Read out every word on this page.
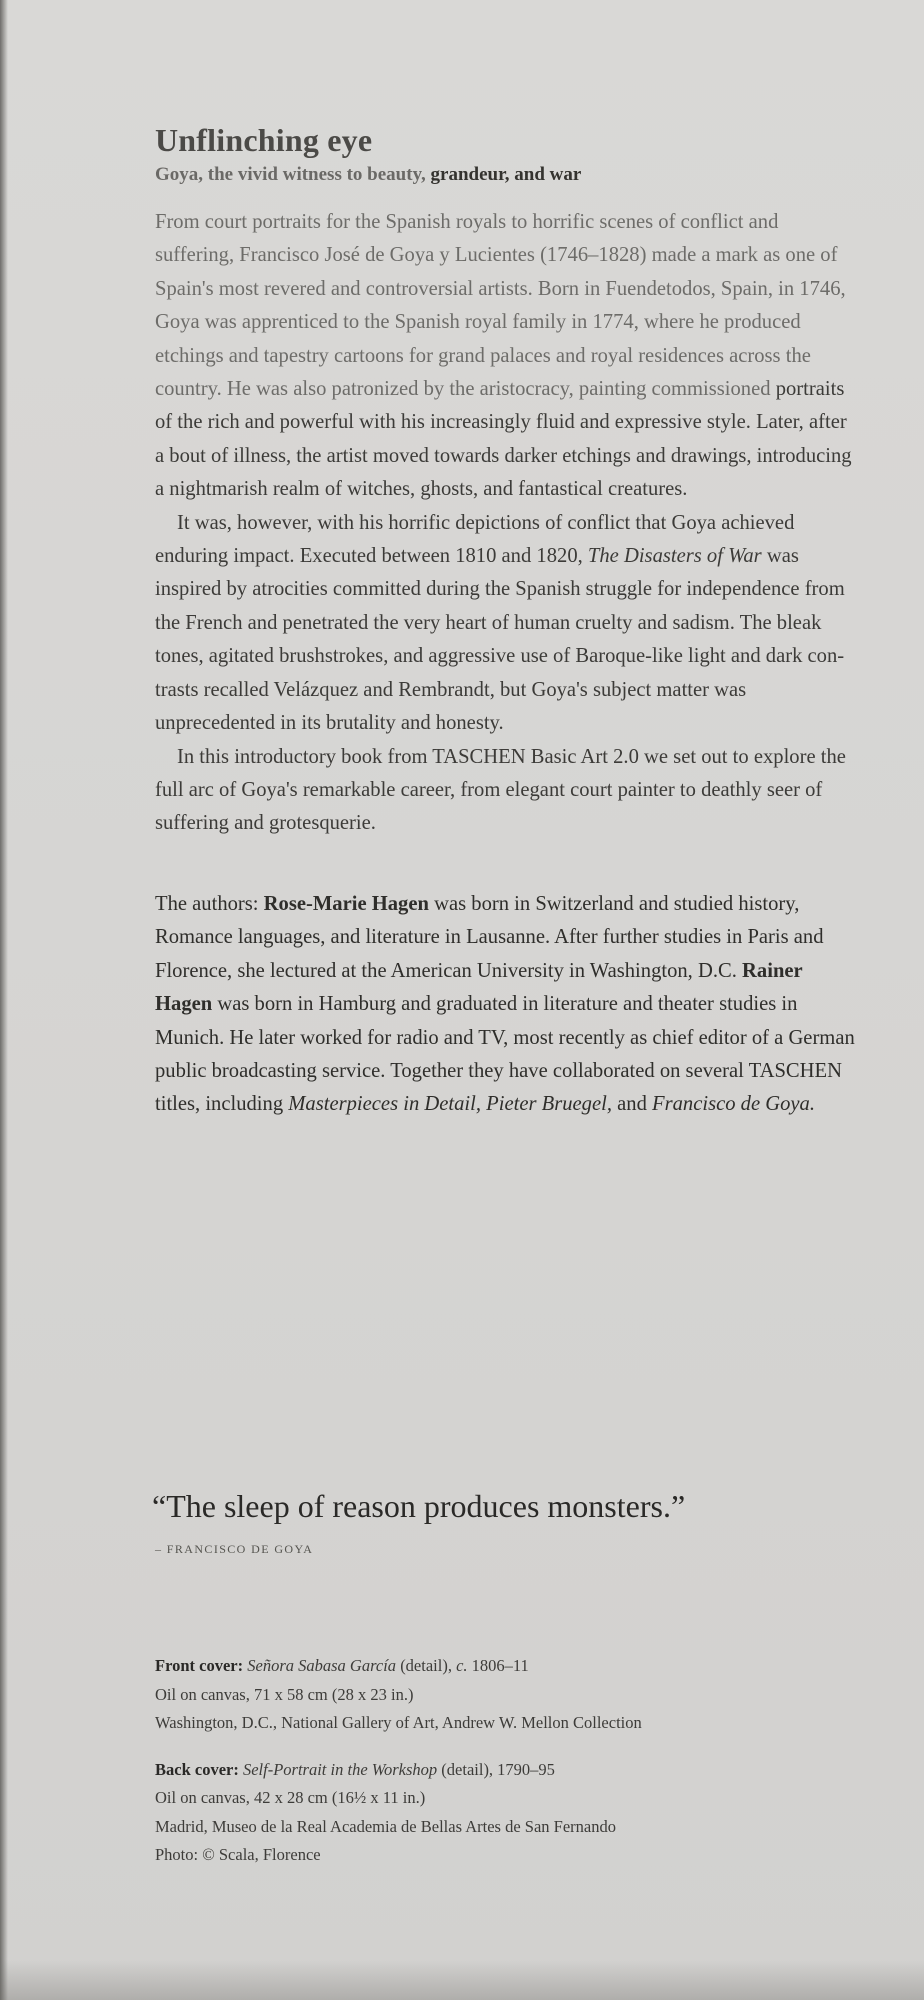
Unflinching eye

Goya, the vivid witness to beauty, grandeur, and war

From court portraits for the Spanish royals to horrific scenes of conflict and suffering, Francisco José de Goya y Lucientes (1746–1828) made a mark as one of Spain's most revered and controversial artists. Born in Fuendetodos, Spain, in 1746, Goya was apprenticed to the Spanish royal family in 1774, where he produced etchings and tapestry cartoons for grand palaces and royal residences across the country. He was also patronized by the aristocracy, painting commissioned portraits of the rich and powerful with his increasingly fluid and expressive style. Later, after a bout of illness, the artist moved towards darker etchings and drawings, introducing a nightmarish realm of witches, ghosts, and fantastical creatures.

It was, however, with his horrific depictions of conflict that Goya achieved enduring impact. Executed between 1810 and 1820, The Disasters of War was inspired by atrocities committed during the Spanish struggle for independence from the French and penetrated the very heart of human cruelty and sadism. The bleak tones, agitated brushstrokes, and aggressive use of Baroque-like light and dark contrasts recalled Velázquez and Rembrandt, but Goya's subject matter was unprecedented in its brutality and honesty.

In this introductory book from TASCHEN Basic Art 2.0 we set out to explore the full arc of Goya's remarkable career, from elegant court painter to deathly seer of suffering and grotesquerie.

The authors: Rose-Marie Hagen was born in Switzerland and studied history, Romance languages, and literature in Lausanne. After further studies in Paris and Florence, she lectured at the American University in Washington, D.C. Rainer Hagen was born in Hamburg and graduated in literature and theater studies in Munich. He later worked for radio and TV, most recently as chief editor of a German public broadcasting service. Together they have collaborated on several TASCHEN titles, including Masterpieces in Detail, Pieter Bruegel, and Francisco de Goya.

“The sleep of reason produces monsters.”

– FRANCISCO DE GOYA

Front cover: Señora Sabasa García (detail), c. 1806–11
Oil on canvas, 71 x 58 cm (28 x 23 in.)
Washington, D.C., National Gallery of Art, Andrew W. Mellon Collection
Back cover: Self-Portrait in the Workshop (detail), 1790–95
Oil on canvas, 42 x 28 cm (16½ x 11 in.)
Madrid, Museo de la Real Academia de Bellas Artes de San Fernando
Photo: © Scala, Florence
